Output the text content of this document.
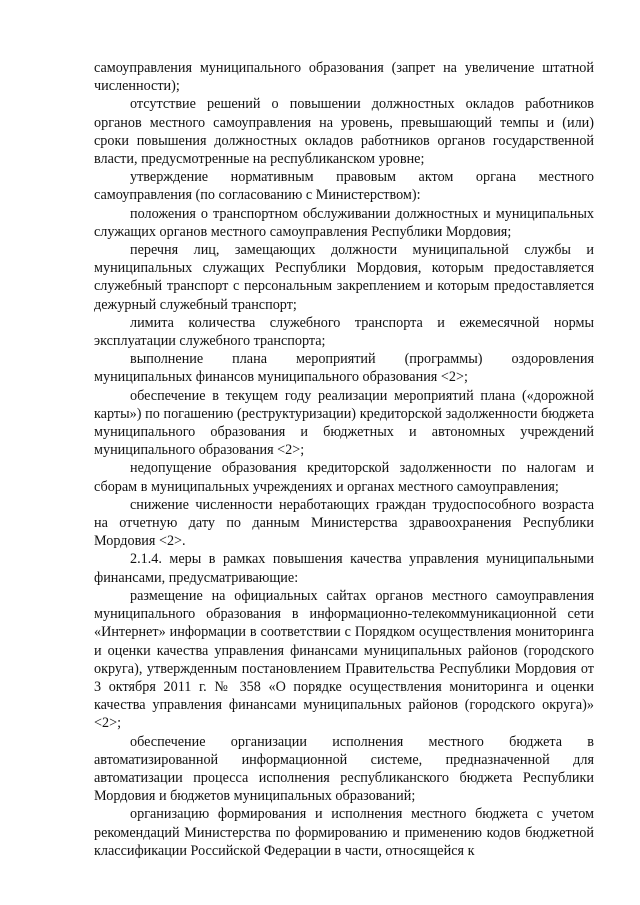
самоуправления муниципального образования (запрет на увеличение штатной численности);

отсутствие решений о повышении должностных окладов работников органов местного самоуправления на уровень, превышающий темпы и (или) сроки повышения должностных окладов работников органов государственной власти, предусмотренные на республиканском уровне;

утверждение нормативным правовым актом органа местного самоуправления (по согласованию с Министерством):

положения о транспортном обслуживании должностных и муниципальных служащих органов местного самоуправления Республики Мордовия;

перечня лиц, замещающих должности муниципальной службы и муниципальных служащих Республики Мордовия, которым предоставляется служебный транспорт с персональным закреплением и которым предоставляется дежурный служебный транспорт;

лимита количества служебного транспорта и ежемесячной нормы эксплуатации служебного транспорта;

выполнение плана мероприятий (программы) оздоровления муниципальных финансов муниципального образования <2>;

обеспечение в текущем году реализации мероприятий плана («дорожной карты») по погашению (реструктуризации) кредиторской задолженности бюджета муниципального образования и бюджетных и автономных учреждений муниципального образования <2>;

недопущение образования кредиторской задолженности по налогам и сборам в муниципальных учреждениях и органах местного самоуправления;

снижение численности неработающих граждан трудоспособного возраста на отчетную дату по данным Министерства здравоохранения Республики Мордовия <2>.

2.1.4. меры в рамках повышения качества управления муниципальными финансами, предусматривающие:

размещение на официальных сайтах органов местного самоуправления муниципального образования в информационно-телекоммуникационной сети «Интернет» информации в соответствии с Порядком осуществления мониторинга и оценки качества управления финансами муниципальных районов (городского округа), утвержденным постановлением Правительства Республики Мордовия от 3 октября 2011 г. № 358 «О порядке осуществления мониторинга и оценки качества управления финансами муниципальных районов (городского округа)» <2>;

обеспечение организации исполнения местного бюджета в автоматизированной информационной системе, предназначенной для автоматизации процесса исполнения республиканского бюджета Республики Мордовия и бюджетов муниципальных образований;

организацию формирования и исполнения местного бюджета с учетом рекомендаций Министерства по формированию и применению кодов бюджетной классификации Российской Федерации в части, относящейся к
